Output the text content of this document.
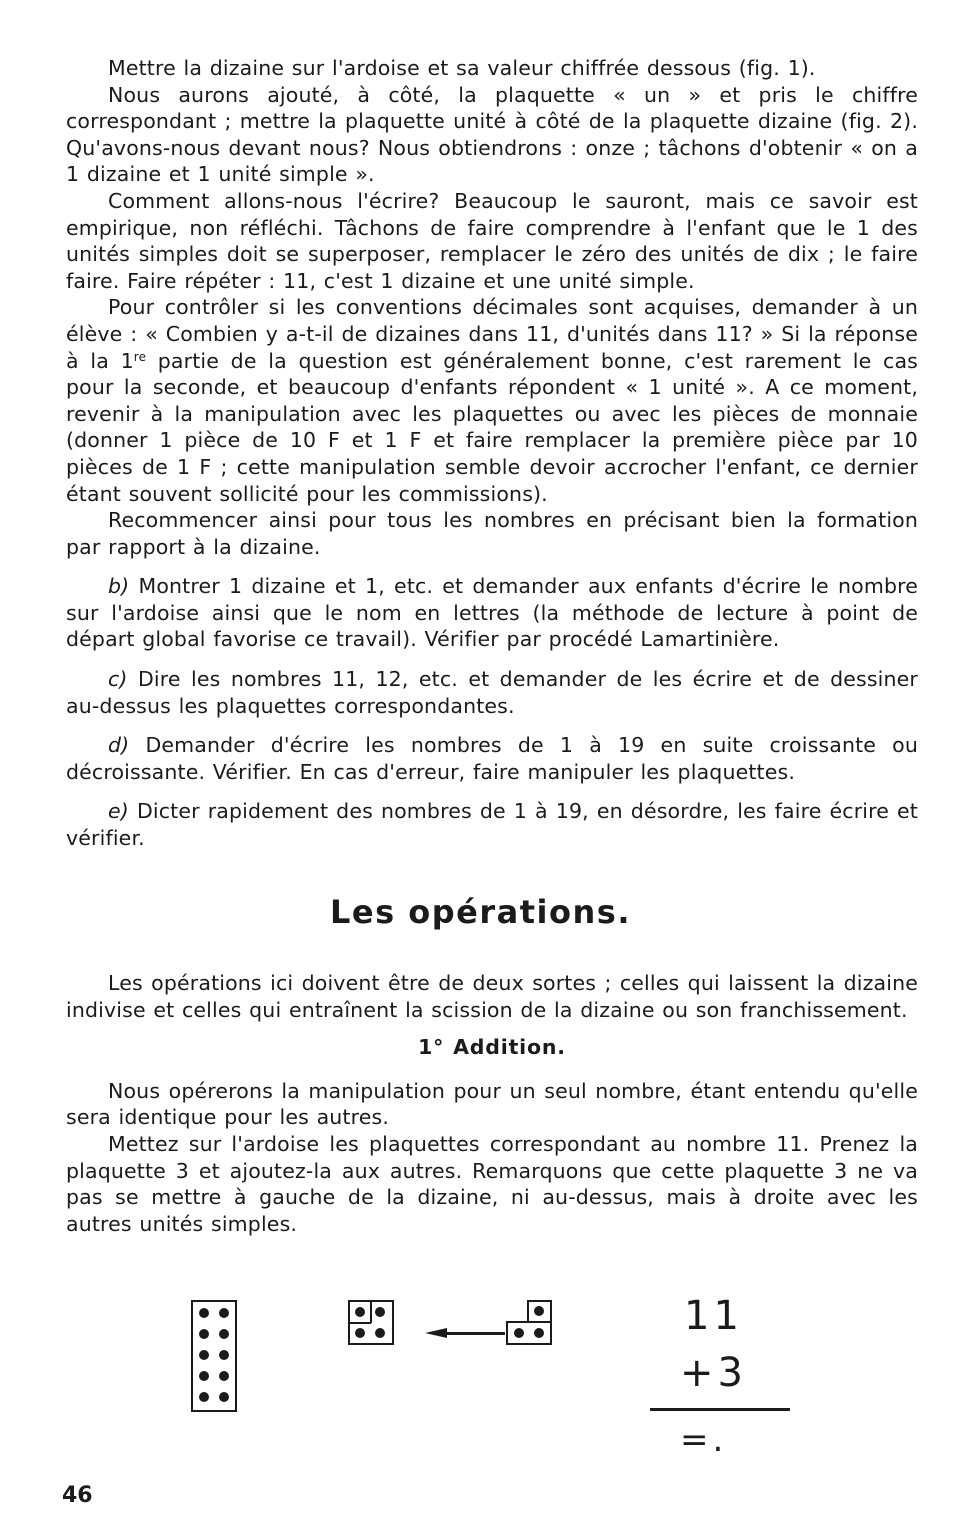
Mettre la dizaine sur l'ardoise et sa valeur chiffrée dessous (fig. 1).

Nous aurons ajouté, à côté, la plaquette « un » et pris le chiffre correspondant ; mettre la plaquette unité à côté de la plaquette dizaine (fig. 2). Qu'avons-nous devant nous? Nous obtiendrons : onze ; tâchons d'obtenir « on a 1 dizaine et 1 unité simple ».

Comment allons-nous l'écrire? Beaucoup le sauront, mais ce savoir est empirique, non réfléchi. Tâchons de faire comprendre à l'enfant que le 1 des unités simples doit se superposer, remplacer le zéro des unités de dix ; le faire faire. Faire répéter : 11, c'est 1 dizaine et une unité simple.

Pour contrôler si les conventions décimales sont acquises, demander à un élève : « Combien y a-t-il de dizaines dans 11, d'unités dans 11? » Si la réponse à la 1re partie de la question est généralement bonne, c'est rarement le cas pour la seconde, et beaucoup d'enfants répondent « 1 unité ». A ce moment, revenir à la manipulation avec les plaquettes ou avec les pièces de monnaie (donner 1 pièce de 10 F et 1 F et faire remplacer la première pièce par 10 pièces de 1 F ; cette manipulation semble devoir accrocher l'enfant, ce dernier étant souvent sollicité pour les commissions).

Recommencer ainsi pour tous les nombres en précisant bien la formation par rapport à la dizaine.

b) Montrer 1 dizaine et 1, etc. et demander aux enfants d'écrire le nombre sur l'ardoise ainsi que le nom en lettres (la méthode de lecture à point de départ global favorise ce travail). Vérifier par procédé Lamartinière.

c) Dire les nombres 11, 12, etc. et demander de les écrire et de dessiner au-dessus les plaquettes correspondantes.

d) Demander d'écrire les nombres de 1 à 19 en suite croissante ou décroissante. Vérifier. En cas d'erreur, faire manipuler les plaquettes.

e) Dicter rapidement des nombres de 1 à 19, en désordre, les faire écrire et vérifier.

Les opérations.

Les opérations ici doivent être de deux sortes ; celles qui laissent la dizaine indivise et celles qui entraînent la scission de la dizaine ou son franchissement.

1° Addition.

Nous opérerons la manipulation pour un seul nombre, étant entendu qu'elle sera identique pour les autres.

Mettez sur l'ardoise les plaquettes correspondant au nombre 11. Prenez la plaquette 3 et ajoutez-la aux autres. Remarquons que cette plaquette 3 ne va pas se mettre à gauche de la dizaine, ni au-dessus, mais à droite avec les autres unités simples.

11
+3
=.
46
